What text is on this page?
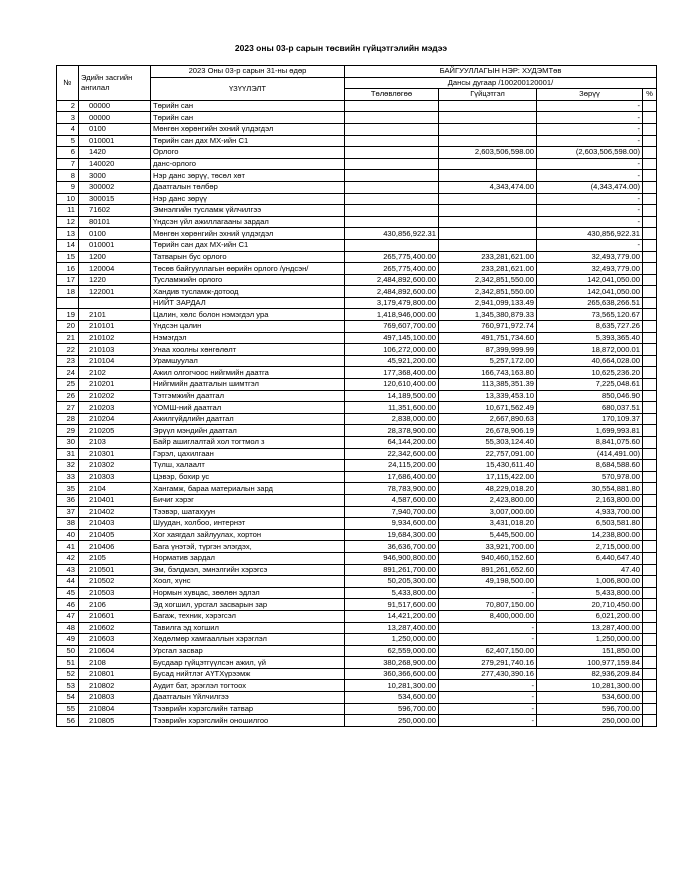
2023 оны 03-р сарын төсвийн гүйцэтгэлийн мэдээ
№	Эдийн засгийн ангилал	2023 Оны 03-р сарын 31-ны өдөр	БАЙГУУЛЛАГЫН НЭР: ХУДЭМТөв			
		ҮЗҮҮЛЭЛТ	Дансы дугаар /100200120001/			
			Төлөвлөгөө	Гүйцэтгэл	Зөрүү	%
2	00000	Төрийн сан			-	
3	00000	Төрийн сан			-	
4	0100	Мөнгөн хөрөнгийн эхний үлдэгдэл			-	
5	010001	Төрийн сан дах МХ-ийн С1			-	
6	1420	Орлого		2,603,506,598.00	(2,603,506,598.00)	
7	140020	данс-орлого			-	
8	3000	Нэр данс зөрүү, төсөл хөт			-	
9	300002	Даатгалын төлбөр		4,343,474.00	(4,343,474.00)	
10	300015	Нэр данс зөрүү			-	
11	71602	Эмнэлгийн тусламж үйлчилгээ			-	
12	80101	Үндсэн үйл ажиллагааны зардал			-	
13	0100	Мөнгөн хөрөнгийн эхний үлдэгдэл	430,856,922.31		430,856,922.31	
14	010001	Төрийн сан дах МХ-ийн С1			-	
15	1200	Татварын бус орлого	265,775,400.00	233,281,621.00	32,493,779.00	
16	120004	Төсөв байгууллагын өөрийн орлого /үндсэн/	265,775,400.00	233,281,621.00	32,493,779.00	
17	1220	Тусламжийн орлого	2,484,892,600.00	2,342,851,550.00	142,041,050.00	
18	122001	Хандив тусламж-дотоод	2,484,892,600.00	2,342,851,550.00	142,041,050.00	
		НИЙТ ЗАРДАЛ	3,179,479,800.00	2,941,099,133.49	265,638,266.51	
19	2101	Цалин, хөлс болон нэмэгдэл ура	1,418,946,000.00	1,345,380,879.33	73,565,120.67	
20	210101	Үндсэн цалин	769,607,700.00	760,971,972.74	8,635,727.26	
21	210102	Нэмэгдэл	497,145,100.00	491,751,734.60	5,393,365.40	
22	210103	Унаа хоолны хөнгөлөлт	106,272,000.00	87,399,999.99	18,872,000.01	
23	210104	Урамшуулал	45,921,200.00	5,257,172.00	40,664,028.00	
24	2102	Ажил олгогчоос нийгмийн даатга	177,368,400.00	166,743,163.80	10,625,236.20	
25	210201	Нийгмийн даатгалын шимтгэл	120,610,400.00	113,385,351.39	7,225,048.61	
26	210202	Тэтгэмжийн даатгал	14,189,500.00	13,339,453.10	850,046.90	
27	210203	ҮОМШ-ний даатгал	11,351,600.00	10,671,562.49	680,037.51	
28	210204	Ажилгүйдлийн даатгал	2,838,000.00	2,667,890.63	170,109.37	
29	210205	Эрүүл мэндийн даатгал	28,378,900.00	26,678,906.19	1,699,993.81	
30	2103	Байр ашиглалтай хол тогтмол з	64,144,200.00	55,303,124.40	8,841,075.60	
31	210301	Гэрэл, цахилгаан	22,342,600.00	22,757,091.00	(414,491.00)	
32	210302	Түлш, халаалт	24,115,200.00	15,430,611.40	8,684,588.60	
33	210303	Цэвэр, бохир ус	17,686,400.00	17,115,422.00	570,978.00	
35	2104	Хангамж, бараа материалын зард	78,783,900.00	48,229,018.20	30,554,881.80	
36	210401	Бичиг хэрэг	4,587,600.00	2,423,800.00	2,163,800.00	
37	210402	Тээвэр, шатахуун	7,940,700.00	3,007,000.00	4,933,700.00	
38	210403	Шуудан, холбоо, интернэт	9,934,600.00	3,431,018.20	6,503,581.80	
40	210405	Хог хаягдал зайлуулах, хортон	19,684,300.00	5,445,500.00	14,238,800.00	
41	210406	Бага үнэтэй, түргэн элэгдэх,	36,636,700.00	33,921,700.00	2,715,000.00	
42	2105	Норматив зардал	946,900,800.00	940,460,152.60	6,440,647.40	
43	210501	Эм, бэлдмэл, эмнэлгийн хэрэгсэ	891,261,700.00	891,261,652.60	47.40	
44	210502	Хоол, хүнс	50,205,300.00	49,198,500.00	1,006,800.00	
45	210503	Нормын хувцас, зөөлөн эдлэл	5,433,800.00	-	5,433,800.00	
46	2106	Эд хогшил, урсгал засварын зар	91,517,600.00	70,807,150.00	20,710,450.00	
47	210601	Багаж, техник, хэрэгсэл	14,421,200.00	8,400,000.00	6,021,200.00	
48	210602	Тавилга эд хогшил	13,287,400.00	-	13,287,400.00	
49	210603	Хөдөлмөр хамгааллын хэрэглэл	1,250,000.00	-	1,250,000.00	
50	210604	Урсгал засвар	62,559,000.00	62,407,150.00	151,850.00	
51	2108	Бусдаар гүйцэтгүүлсэн ажил, үй	380,268,900.00	279,291,740.16	100,977,159.84	
52	210801	Бусад нийтлэг АҮТХүрээмж	360,366,600.00	277,430,390.16	82,936,209.84	
53	210802	Аудит бат, эрэглэл тогтоох	10,281,300.00	-	10,281,300.00	
54	210803	Даатгалын Үйлчилгээ	534,600.00	-	534,600.00	
55	210804	Тээврийн хэрэгслийн татвар	596,700.00	-	596,700.00	
56	210805	Тээврийн хэрэгслийн оношилгоо	250,000.00	-	250,000.00	
